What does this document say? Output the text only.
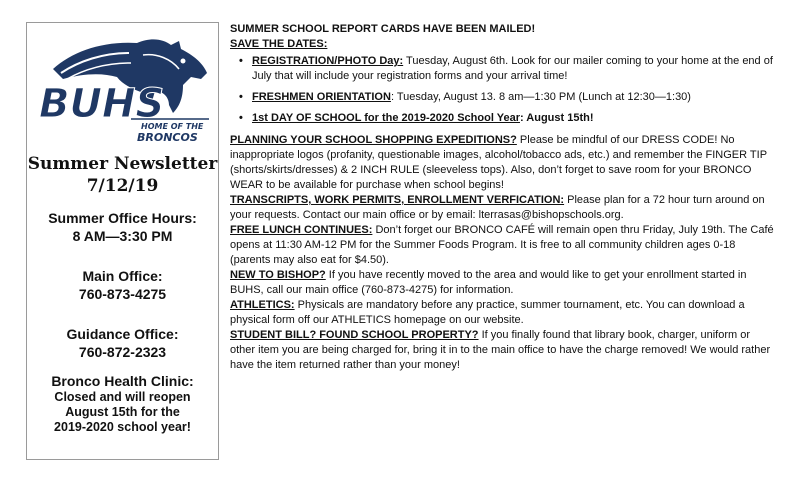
BUHS
HOME OF THE
BRONCOS
Summer Newsletter
7/12/19
Summer Office Hours:
8 AM—3:30 PM
Main Office:
760-873-4275
Guidance Office:
760-872-2323
Bronco Health Clinic:
Closed and will reopen
August 15th for the
2019-2020 school year!

SUMMER SCHOOL REPORT CARDS HAVE BEEN MAILED!

SAVE THE DATES:

• REGISTRATION/PHOTO Day: Tuesday, August 6th. Look for our mailer coming to your home at the end of July that will include your registration forms and your arrival time!
• FRESHMEN ORIENTATION: Tuesday, August 13. 8 am—1:30 PM (Lunch at 12:30—1:30)
• 1st DAY OF SCHOOL for the 2019-2020 School Year: August 15th!

PLANNING YOUR SCHOOL SHOPPING EXPEDITIONS? Please be mindful of our DRESS CODE! No inappropriate logos (profanity, questionable images, alcohol/tobacco ads, etc.) and remember the FINGER TIP (shorts/skirts/dresses) & 2 INCH RULE (sleeveless tops). Also, don’t forget to save room for your BRONCO WEAR to be available for purchase when school begins!

TRANSCRIPTS, WORK PERMITS, ENROLLMENT VERFICATION: Please plan for a 72 hour turn around on your requests. Contact our main office or by email: lterrasas@bishopschools.org.

FREE LUNCH CONTINUES: Don’t forget our BRONCO CAFÉ will remain open thru Friday, July 19th. The Café opens at 11:30 AM-12 PM for the Summer Foods Program. It is free to all community children ages 0-18 (parents may also eat for $4.50).

NEW TO BISHOP? If you have recently moved to the area and would like to get your enrollment started in BUHS, call our main office (760-873-4275) for information.

ATHLETICS: Physicals are mandatory before any practice, summer tournament, etc. You can download a physical form off our ATHLETICS homepage on our website.

STUDENT BILL? FOUND SCHOOL PROPERTY? If you finally found that library book, charger, uniform or other item you are being charged for, bring it in to the main office to have the charge removed! We would rather have the item returned rather than your money!
